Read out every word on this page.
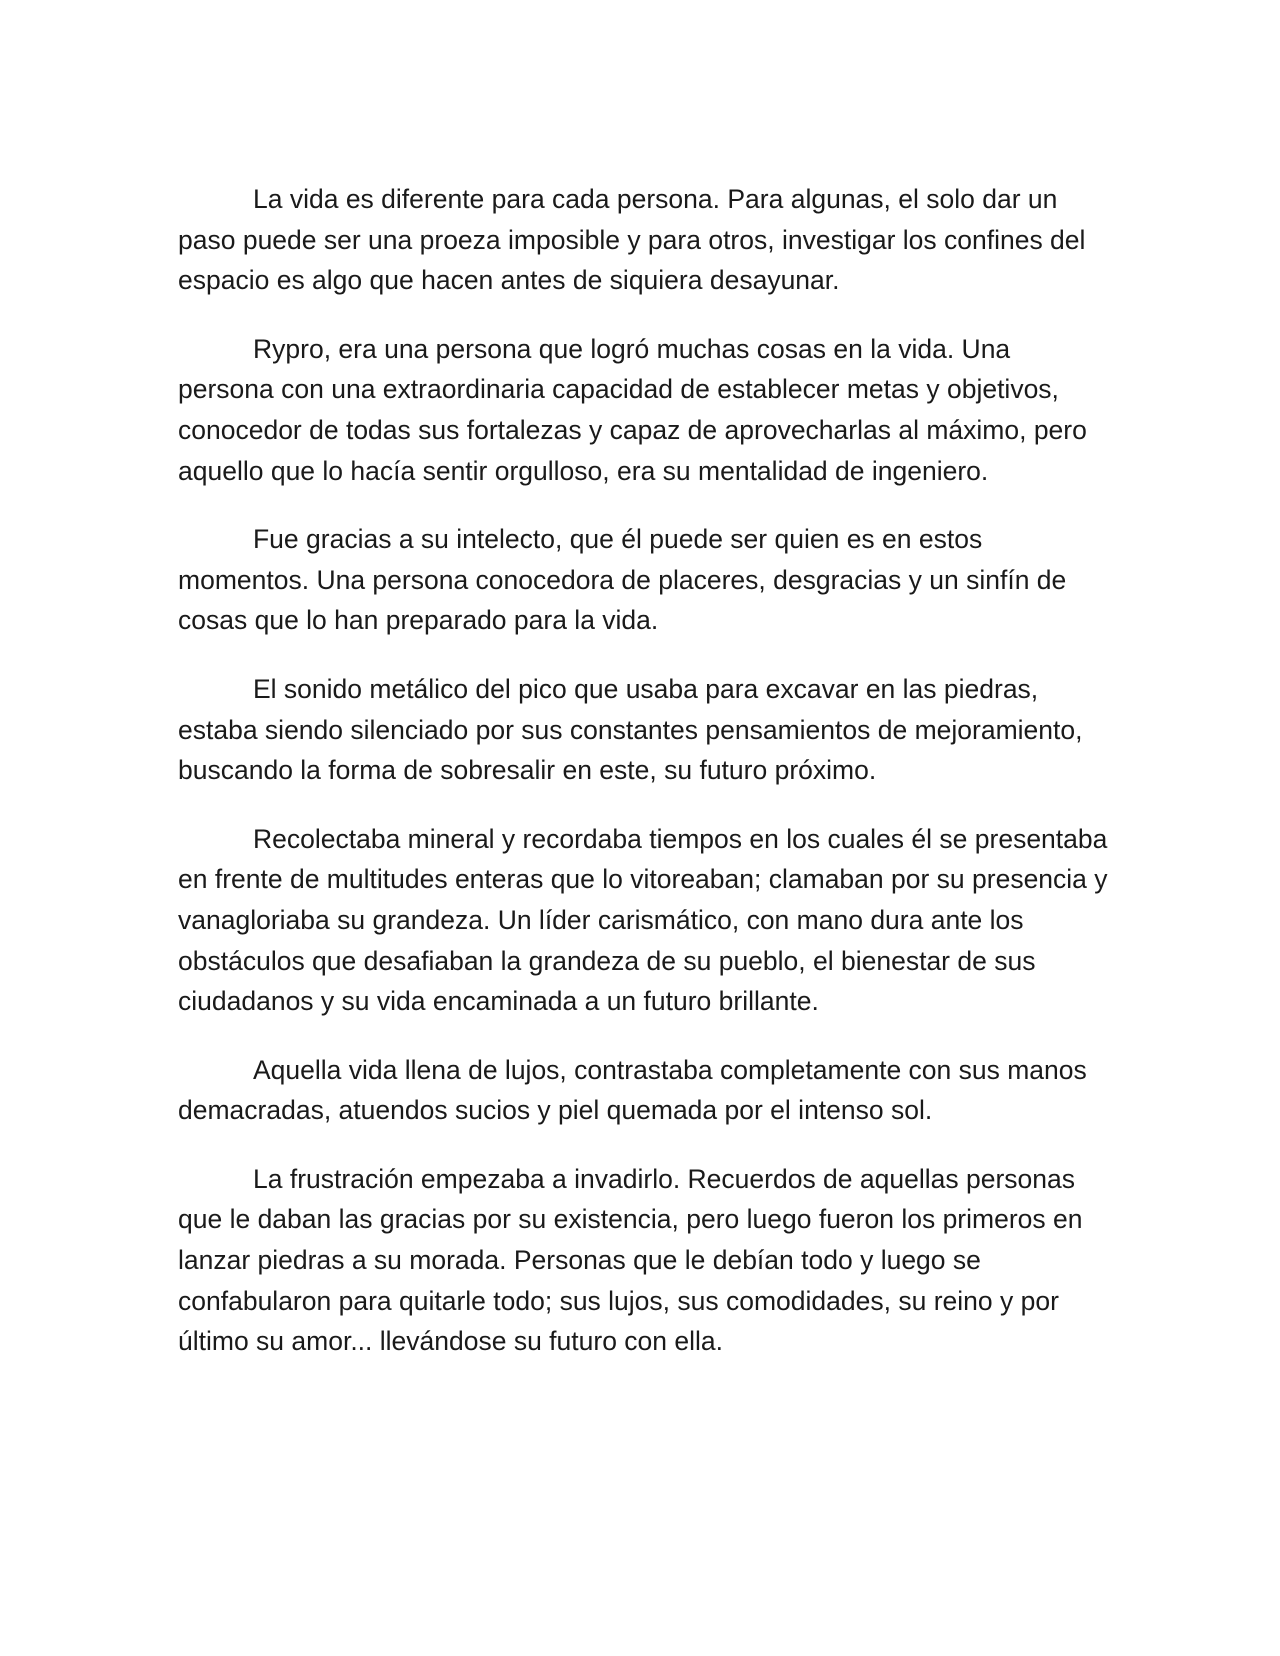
La vida es diferente para cada persona. Para algunas, el solo dar un paso puede ser una proeza imposible y para otros, investigar los confines del espacio es algo que hacen antes de siquiera desayunar.

Rypro, era una persona que logró muchas cosas en la vida. Una persona con una extraordinaria capacidad de establecer metas y objetivos, conocedor de todas sus fortalezas y capaz de aprovecharlas al máximo, pero aquello que lo hacía sentir orgulloso, era su mentalidad de ingeniero.

Fue gracias a su intelecto, que él puede ser quien es en estos momentos. Una persona conocedora de placeres, desgracias y un sinfín de cosas que lo han preparado para la vida.

El sonido metálico del pico que usaba para excavar en las piedras, estaba siendo silenciado por sus constantes pensamientos de mejoramiento, buscando la forma de sobresalir en este, su futuro próximo.

Recolectaba mineral y recordaba tiempos en los cuales él se presentaba en frente de multitudes enteras que lo vitoreaban; clamaban por su presencia y vanagloriaba su grandeza. Un líder carismático, con mano dura ante los obstáculos que desafiaban la grandeza de su pueblo, el bienestar de sus ciudadanos y su vida encaminada a un futuro brillante.

Aquella vida llena de lujos, contrastaba completamente con sus manos demacradas, atuendos sucios y piel quemada por el intenso sol.

La frustración empezaba a invadirlo. Recuerdos de aquellas personas que le daban las gracias por su existencia, pero luego fueron los primeros en lanzar piedras a su morada. Personas que le debían todo y luego se confabularon para quitarle todo; sus lujos, sus comodidades, su reino y por último su amor... llevándose su futuro con ella.
